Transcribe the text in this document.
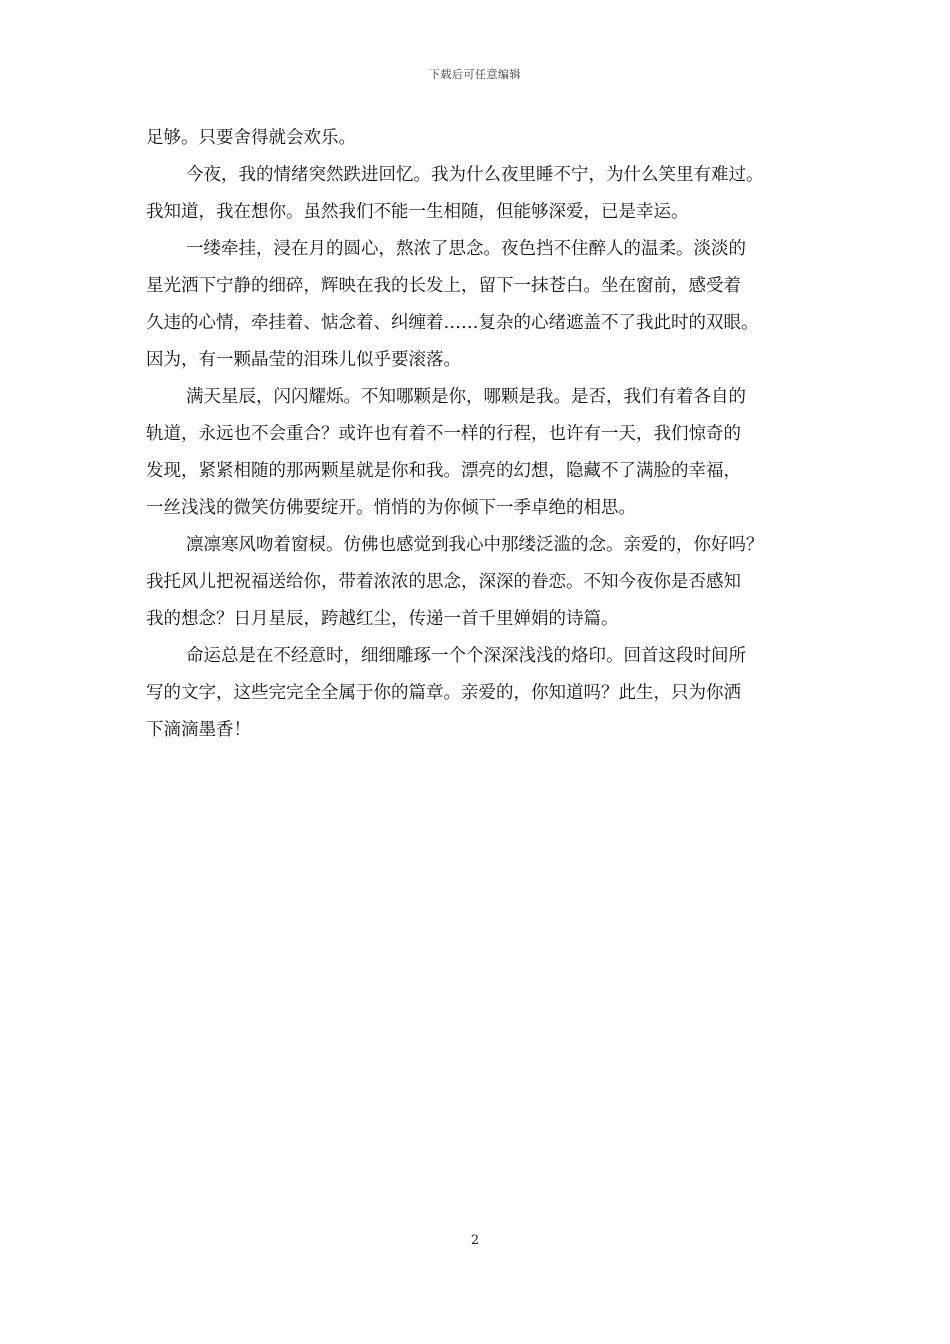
下载后可任意编辑
足够。只要舍得就会欢乐。
今夜，我的情绪突然跌进回忆。我为什么夜里睡不宁，为什么笑里有难过。
我知道，我在想你。虽然我们不能一生相随，但能够深爱，已是幸运。
一缕牵挂，浸在月的圆心，熬浓了思念。夜色挡不住醉人的温柔。淡淡的
星光洒下宁静的细碎，辉映在我的长发上，留下一抹苍白。坐在窗前，感受着
久违的心情，牵挂着、惦念着、纠缠着……复杂的心绪遮盖不了我此时的双眼。
因为，有一颗晶莹的泪珠儿似乎要滚落。
满天星辰，闪闪耀烁。不知哪颗是你，哪颗是我。是否，我们有着各自的
轨道，永远也不会重合？或许也有着不一样的行程，也许有一天，我们惊奇的
发现，紧紧相随的那两颗星就是你和我。漂亮的幻想，隐藏不了满脸的幸福，
一丝浅浅的微笑仿佛要绽开。悄悄的为你倾下一季卓绝的相思。
凛凛寒风吻着窗棂。仿佛也感觉到我心中那缕泛滥的念。亲爱的，你好吗？
我托风儿把祝福送给你，带着浓浓的思念，深深的眷恋。不知今夜你是否感知
我的想念？日月星辰，跨越红尘，传递一首千里婵娟的诗篇。
命运总是在不经意时，细细雕琢一个个深深浅浅的烙印。回首这段时间所
写的文字，这些完完全全属于你的篇章。亲爱的，你知道吗？此生，只为你洒
下滴滴墨香！
2
